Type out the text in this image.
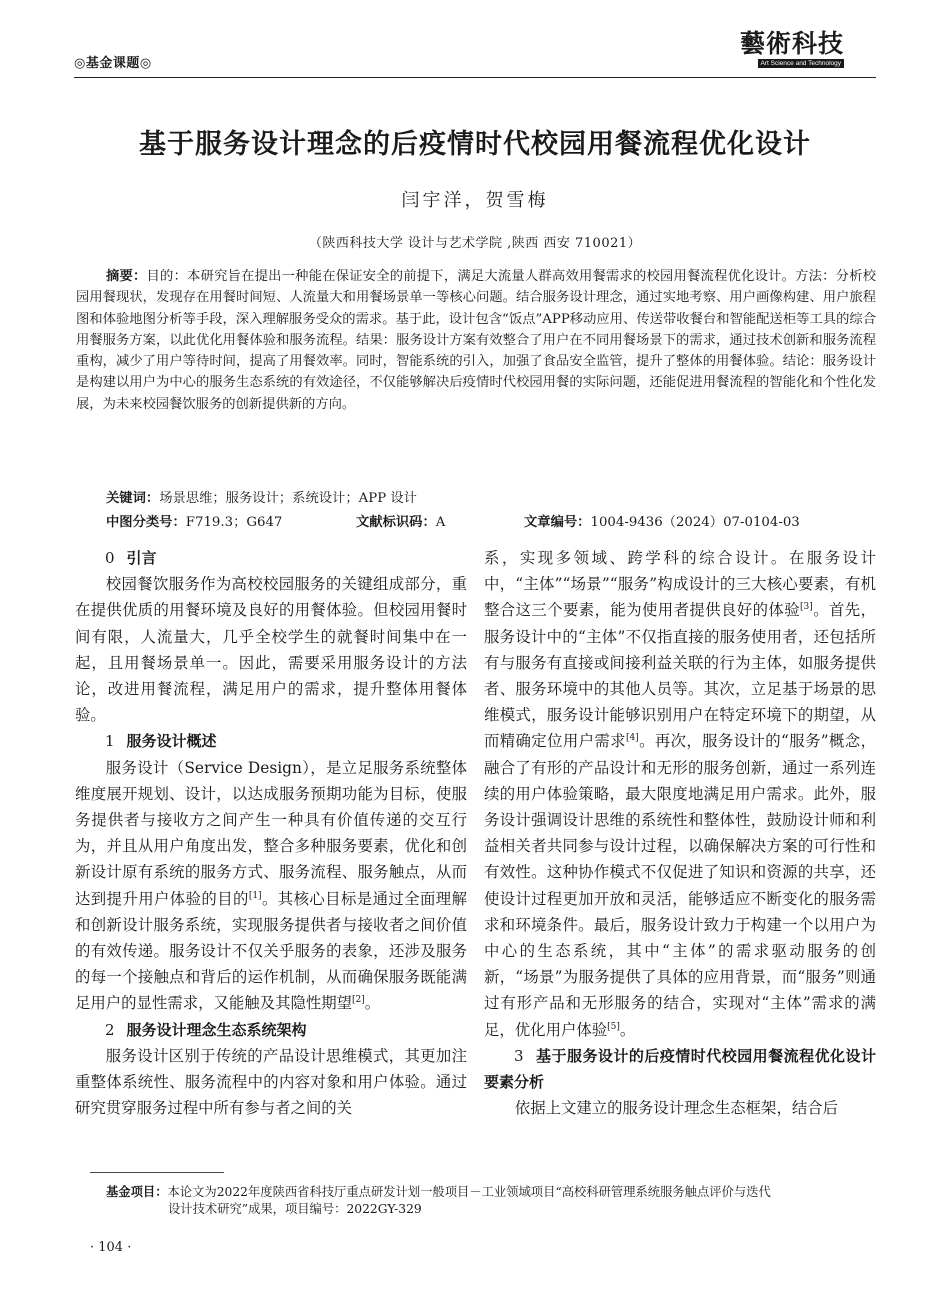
◎基金课题◎
藝術科技
Art Science and Technology
基于服务设计理念的后疫情时代校园用餐流程优化设计
闫宇洋，贺雪梅
（陕西科技大学 设计与艺术学院 ,陕西 西安 710021）
摘要：目的：本研究旨在提出一种能在保证安全的前提下，满足大流量人群高效用餐需求的校园用餐流程优化设计。方法：分析校园用餐现状，发现存在用餐时间短、人流量大和用餐场景单一等核心问题。结合服务设计理念，通过实地考察、用户画像构建、用户旅程图和体验地图分析等手段，深入理解服务受众的需求。基于此，设计包含“饭点”APP移动应用、传送带收餐台和智能配送柜等工具的综合用餐服务方案，以此优化用餐体验和服务流程。结果：服务设计方案有效整合了用户在不同用餐场景下的需求，通过技术创新和服务流程重构，减少了用户等待时间，提高了用餐效率。同时，智能系统的引入，加强了食品安全监管，提升了整体的用餐体验。结论：服务设计是构建以用户为中心的服务生态系统的有效途径，不仅能够解决后疫情时代校园用餐的实际问题，还能促进用餐流程的智能化和个性化发展，为未来校园餐饮服务的创新提供新的方向。
关键词：场景思维；服务设计；系统设计；APP 设计
中图分类号：F719.3；G647	文献标识码：A	文章编号：1004-9436（2024）07-0104-03
0 引言

校园餐饮服务作为高校校园服务的关键组成部分，重在提供优质的用餐环境及良好的用餐体验。但校园用餐时间有限，人流量大，几乎全校学生的就餐时间集中在一起，且用餐场景单一。因此，需要采用服务设计的方法论，改进用餐流程，满足用户的需求，提升整体用餐体验。

1 服务设计概述

服务设计（Service Design），是立足服务系统整体维度展开规划、设计，以达成服务预期功能为目标，使服务提供者与接收方之间产生一种具有价值传递的交互行为，并且从用户角度出发，整合多种服务要素，优化和创新设计原有系统的服务方式、服务流程、服务触点，从而达到提升用户体验的目的[1]。其核心目标是通过全面理解和创新设计服务系统，实现服务提供者与接收者之间价值的有效传递。服务设计不仅关乎服务的表象，还涉及服务的每一个接触点和背后的运作机制，从而确保服务既能满足用户的显性需求，又能触及其隐性期望[2]。

2 服务设计理念生态系统架构

服务设计区别于传统的产品设计思维模式，其更加注重整体系统性、服务流程中的内容对象和用户体验。通过研究贯穿服务过程中所有参与者之间的关

系，实现多领域、跨学科的综合设计。在服务设计中，“主体”“场景”“服务”构成设计的三大核心要素，有机整合这三个要素，能为使用者提供良好的体验[3]。首先，服务设计中的“主体”不仅指直接的服务使用者，还包括所有与服务有直接或间接利益关联的行为主体，如服务提供者、服务环境中的其他人员等。其次，立足基于场景的思维模式，服务设计能够识别用户在特定环境下的期望，从而精确定位用户需求[4]。再次，服务设计的“服务”概念，融合了有形的产品设计和无形的服务创新，通过一系列连续的用户体验策略，最大限度地满足用户需求。此外，服务设计强调设计思维的系统性和整体性，鼓励设计师和利益相关者共同参与设计过程，以确保解决方案的可行性和有效性。这种协作模式不仅促进了知识和资源的共享，还使设计过程更加开放和灵活，能够适应不断变化的服务需求和环境条件。最后，服务设计致力于构建一个以用户为中心的生态系统，其中“主体”的需求驱动服务的创新，“场景”为服务提供了具体的应用背景，而“服务”则通过有形产品和无形服务的结合，实现对“主体”需求的满足，优化用户体验[5]。

3 基于服务设计的后疫情时代校园用餐流程优化设计要素分析

依据上文建立的服务设计理念生态框架，结合后

基金项目：本论文为2022年度陕西省科技厅重点研发计划一般项目－工业领域项目“高校科研管理系统服务触点评价与迭代
设计技术研究”成果，项目编号：2022GY-329
· 104 ·
